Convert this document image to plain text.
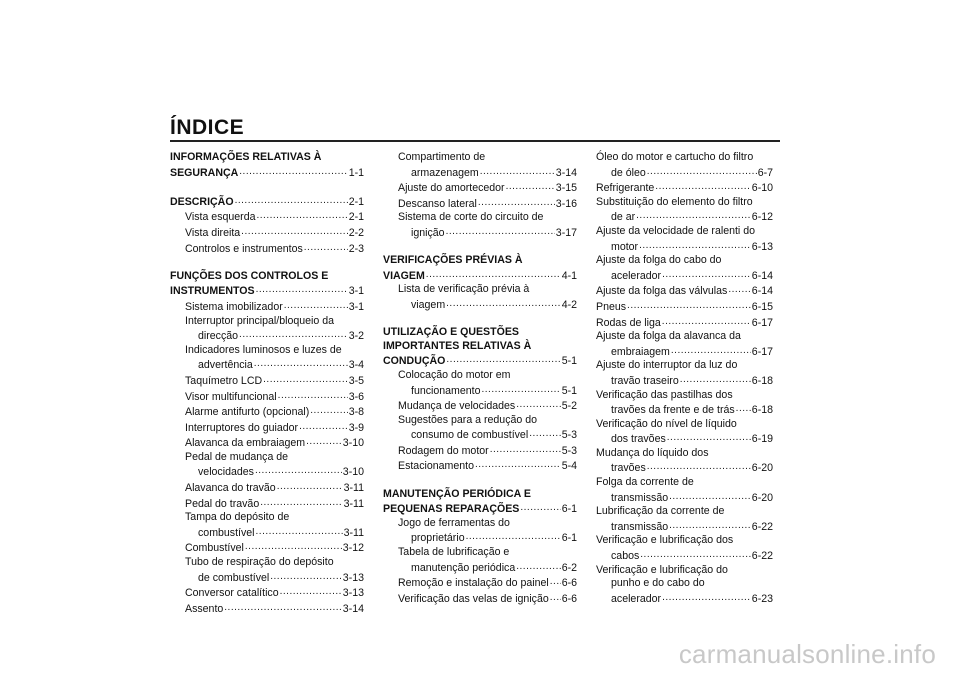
ÍNDICE
INFORMAÇÕES RELATIVAS À
SEGURANÇA .....	1-1
DESCRIÇÃO .....	2-1
Vista esquerda .....	2-1
Vista direita .....	2-2
Controlos e instrumentos .....	2-3
FUNÇÕES DOS CONTROLOS E
INSTRUMENTOS .....	3-1
Sistema imobilizador .....	3-1
Interruptor principal/bloqueio da
direcção .....	3-2
Indicadores luminosos e luzes de
advertência .....	3-4
Taquímetro LCD .....	3-5
Visor multifuncional .....	3-6
Alarme antifurto (opcional) .....	3-8
Interruptores do guiador .....	3-9
Alavanca da embraiagem .....	3-10
Pedal de mudança de
velocidades .....	3-10
Alavanca do travão .....	3-11
Pedal do travão .....	3-11
Tampa do depósito de
combustível .....	3-11
Combustível .....	3-12
Tubo de respiração do depósito
de combustível .....	3-13
Conversor catalítico .....	3-13
Assento .....	3-14
Compartimento de
armazenagem .....	3-14
Ajuste do amortecedor .....	3-15
Descanso lateral .....	3-16
Sistema de corte do circuito de
ignição .....	3-17
VERIFICAÇÕES PRÉVIAS À
VIAGEM .....	4-1
Lista de verificação prévia à
viagem .....	4-2
UTILIZAÇÃO E QUESTÕES
IMPORTANTES RELATIVAS À
CONDUÇÃO .....	5-1
Colocação do motor em
funcionamento .....	5-1
Mudança de velocidades .....	5-2
Sugestões para a redução do
consumo de combustível .....	5-3
Rodagem do motor .....	5-3
Estacionamento .....	5-4
MANUTENÇÃO PERIÓDICA E
PEQUENAS REPARAÇÕES .....	6-1
Jogo de ferramentas do
proprietário .....	6-1
Tabela de lubrificação e
manutenção periódica .....	6-2
Remoção e instalação do painel ..... 6-6
Verificação das velas de ignição ..... 6-6
Óleo do motor e cartucho do filtro
de óleo .....	6-7
Refrigerante .....	6-10
Substituição do elemento do filtro
de ar .....	6-12
Ajuste da velocidade de ralenti do
motor .....	6-13
Ajuste da folga do cabo do
acelerador .....	6-14
Ajuste da folga das válvulas ..... 6-14
Pneus .....	6-15
Rodas de liga .....	6-17
Ajuste da folga da alavanca da
embraiagem .....	6-17
Ajuste do interruptor da luz do
travão traseiro .....	6-18
Verificação das pastilhas dos
travões da frente e de trás ..... 6-18
Verificação do nível de líquido
dos travões .....	6-19
Mudança do líquido dos
travões .....	6-20
Folga da corrente de
transmissão .....	6-20
Lubrificação da corrente de
transmissão .....	6-22
Verificação e lubrificação dos
cabos .....	6-22
Verificação e lubrificação do
punho e do cabo do
acelerador .....	6-23
carmanualsonline.info
